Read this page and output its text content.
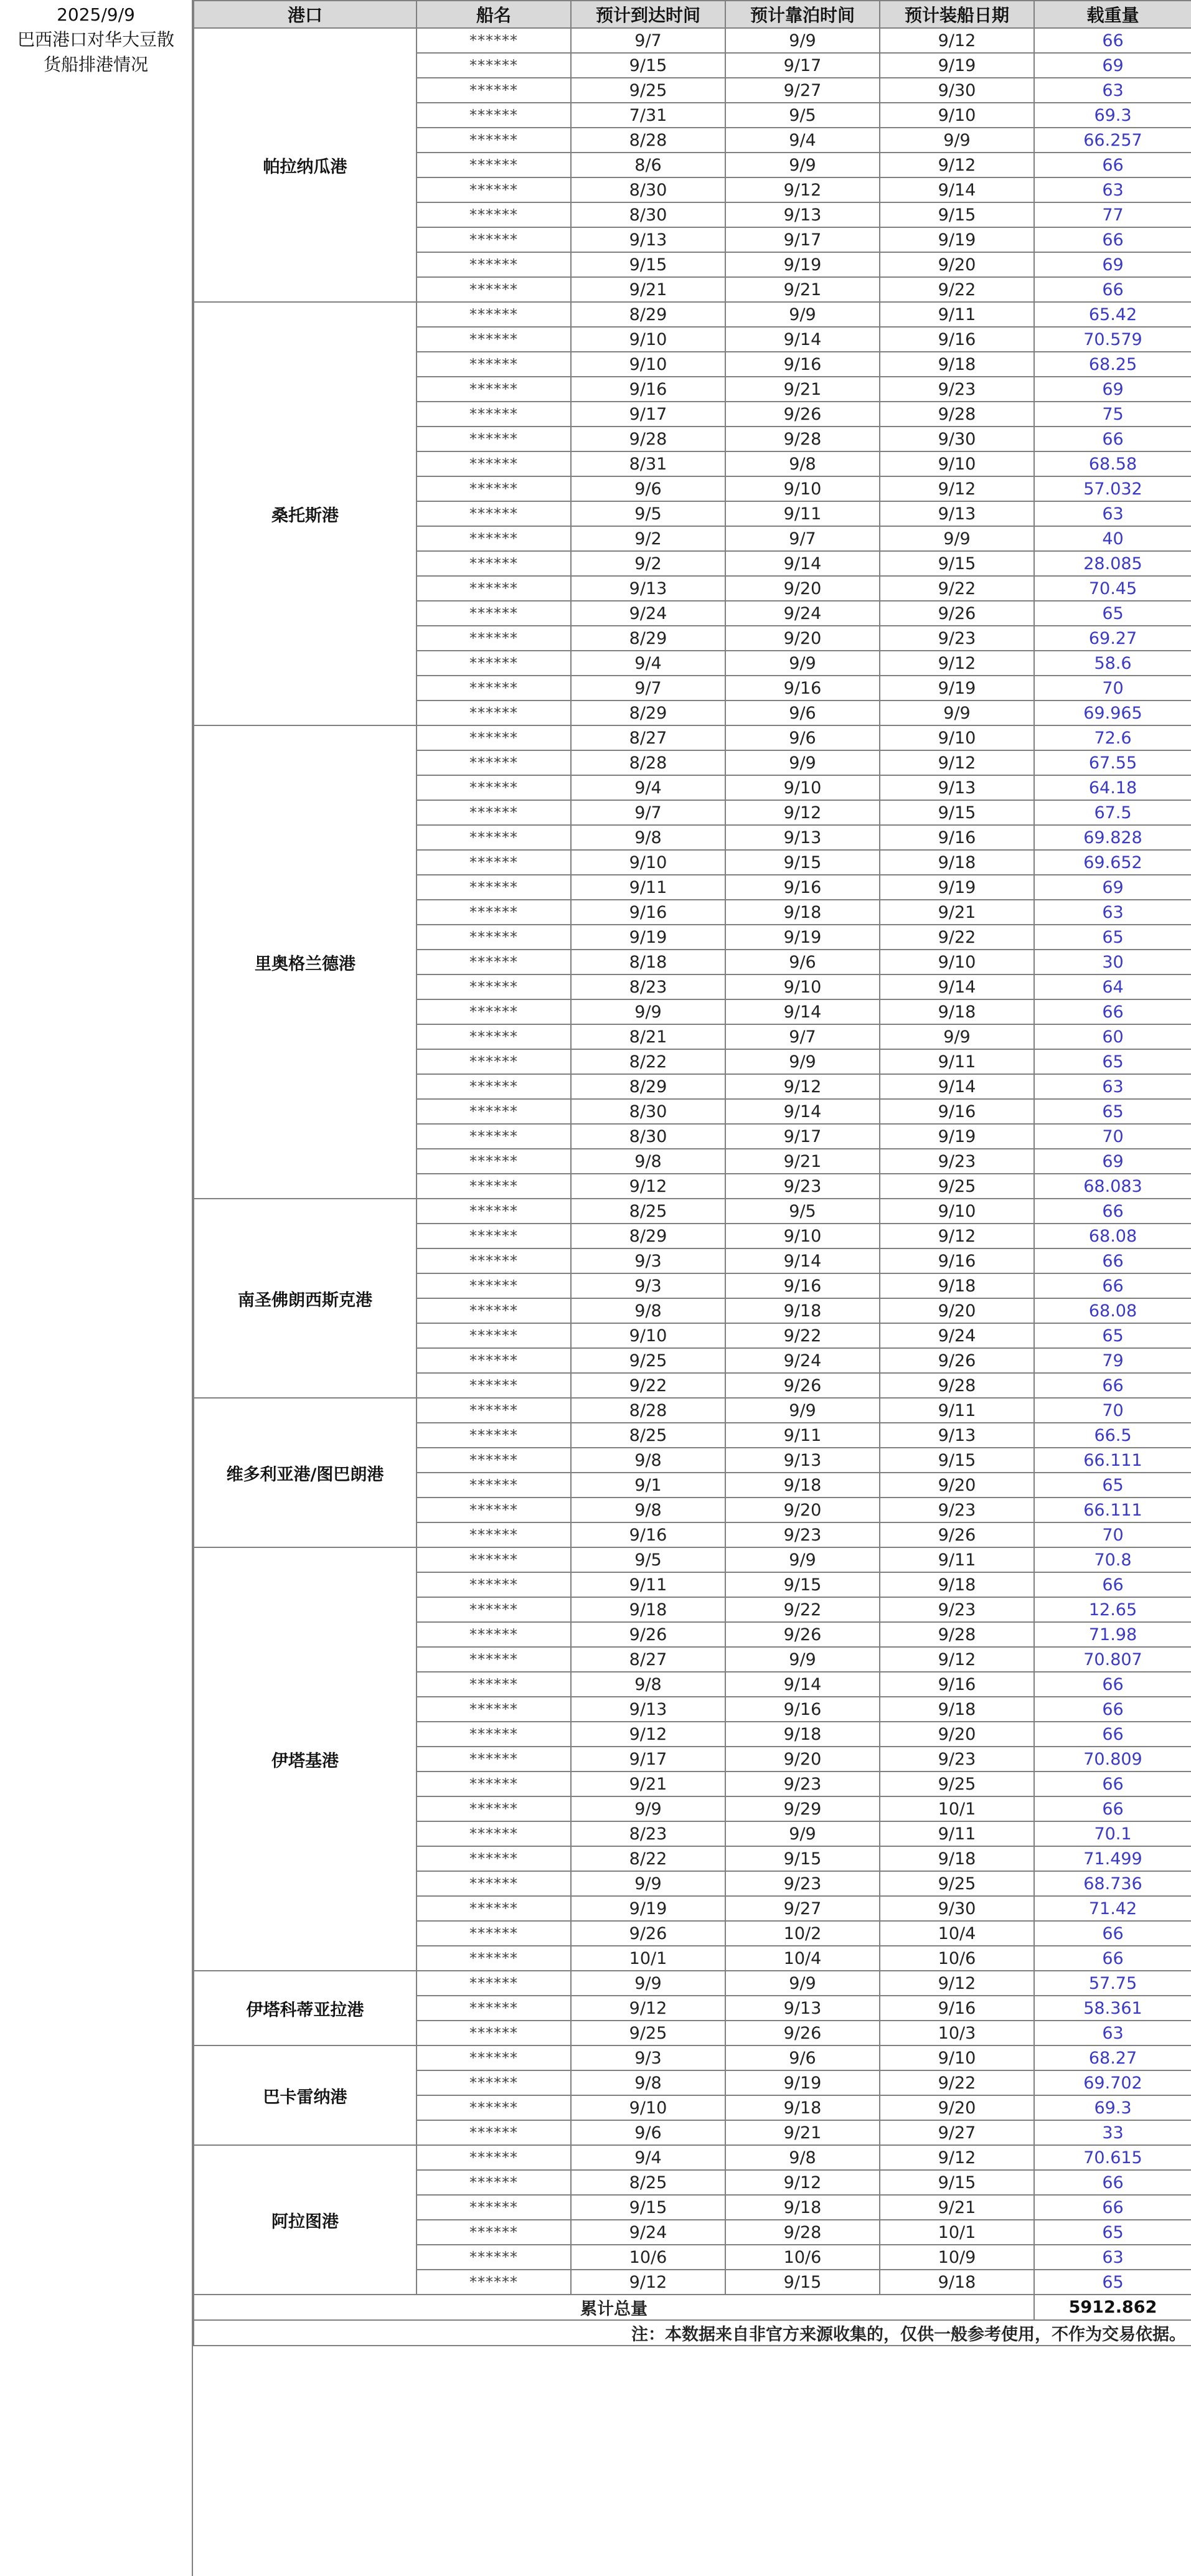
2025/9/9
巴西港口对华大豆散
货船排港情况
港口	船名	预计到达时间	预计靠泊时间	预计装船日期	载重量
帕拉纳瓜港	******	9/7	9/9	9/12	66
	******	9/15	9/17	9/19	69
	******	9/25	9/27	9/30	63
	******	7/31	9/5	9/10	69.3
	******	8/28	9/4	9/9	66.257
	******	8/6	9/9	9/12	66
	******	8/30	9/12	9/14	63
	******	8/30	9/13	9/15	77
	******	9/13	9/17	9/19	66
	******	9/15	9/19	9/20	69
	******	9/21	9/21	9/22	66
桑托斯港	******	8/29	9/9	9/11	65.42
	******	9/10	9/14	9/16	70.579
	******	9/10	9/16	9/18	68.25
	******	9/16	9/21	9/23	69
	******	9/17	9/26	9/28	75
	******	9/28	9/28	9/30	66
	******	8/31	9/8	9/10	68.58
	******	9/6	9/10	9/12	57.032
	******	9/5	9/11	9/13	63
	******	9/2	9/7	9/9	40
	******	9/2	9/14	9/15	28.085
	******	9/13	9/20	9/22	70.45
	******	9/24	9/24	9/26	65
	******	8/29	9/20	9/23	69.27
	******	9/4	9/9	9/12	58.6
	******	9/7	9/16	9/19	70
	******	8/29	9/6	9/9	69.965
里奥格兰德港	******	8/27	9/6	9/10	72.6
	******	8/28	9/9	9/12	67.55
	******	9/4	9/10	9/13	64.18
	******	9/7	9/12	9/15	67.5
	******	9/8	9/13	9/16	69.828
	******	9/10	9/15	9/18	69.652
	******	9/11	9/16	9/19	69
	******	9/16	9/18	9/21	63
	******	9/19	9/19	9/22	65
	******	8/18	9/6	9/10	30
	******	8/23	9/10	9/14	64
	******	9/9	9/14	9/18	66
	******	8/21	9/7	9/9	60
	******	8/22	9/9	9/11	65
	******	8/29	9/12	9/14	63
	******	8/30	9/14	9/16	65
	******	8/30	9/17	9/19	70
	******	9/8	9/21	9/23	69
	******	9/12	9/23	9/25	68.083
南圣佛朗西斯克港	******	8/25	9/5	9/10	66
	******	8/29	9/10	9/12	68.08
	******	9/3	9/14	9/16	66
	******	9/3	9/16	9/18	66
	******	9/8	9/18	9/20	68.08
	******	9/10	9/22	9/24	65
	******	9/25	9/24	9/26	79
	******	9/22	9/26	9/28	66
维多利亚港/图巴朗港	******	8/28	9/9	9/11	70
	******	8/25	9/11	9/13	66.5
	******	9/8	9/13	9/15	66.111
	******	9/1	9/18	9/20	65
	******	9/8	9/20	9/23	66.111
	******	9/16	9/23	9/26	70
伊塔基港	******	9/5	9/9	9/11	70.8
	******	9/11	9/15	9/18	66
	******	9/18	9/22	9/23	12.65
	******	9/26	9/26	9/28	71.98
	******	8/27	9/9	9/12	70.807
	******	9/8	9/14	9/16	66
	******	9/13	9/16	9/18	66
	******	9/12	9/18	9/20	66
	******	9/17	9/20	9/23	70.809
	******	9/21	9/23	9/25	66
	******	9/9	9/29	10/1	66
	******	8/23	9/9	9/11	70.1
	******	8/22	9/15	9/18	71.499
	******	9/9	9/23	9/25	68.736
	******	9/19	9/27	9/30	71.42
	******	9/26	10/2	10/4	66
	******	10/1	10/4	10/6	66
伊塔科蒂亚拉港	******	9/9	9/9	9/12	57.75
	******	9/12	9/13	9/16	58.361
	******	9/25	9/26	10/3	63
巴卡雷纳港	******	9/3	9/6	9/10	68.27
	******	9/8	9/19	9/22	69.702
	******	9/10	9/18	9/20	69.3
	******	9/6	9/21	9/27	33
阿拉图港	******	9/4	9/8	9/12	70.615
	******	8/25	9/12	9/15	66
	******	9/15	9/18	9/21	66
	******	9/24	9/28	10/1	65
	******	10/6	10/6	10/9	63
	******	9/12	9/15	9/18	65
累计总量					5912.862
注：本数据来自非官方来源收集的，仅供一般参考使用，不作为交易依据。					
